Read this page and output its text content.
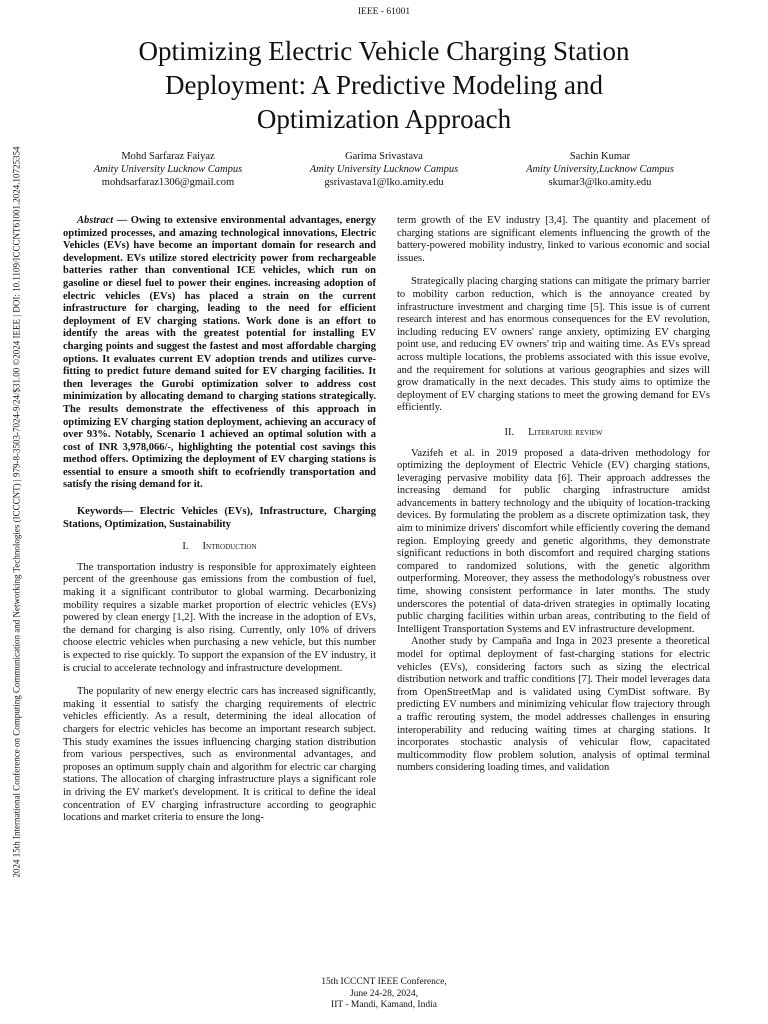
IEEE - 61001
Optimizing Electric Vehicle Charging Station
Deployment: A Predictive Modeling and
Optimization Approach
2024 15th International Conference on Computing Communication and Networking Technologies (ICCCNT) | 979-8-3503-7024-9/24/$31.00 ©2024 IEEE | DOI: 10.1109/ICCCNT61001.2024.10725354	Mohd Sarfaraz Faiyaz
Amity University Lucknow Campus
mohdsarfaraz1306@gmail.com
Garima Srivastava
Amity University Lucknow Campus
gsrivastava1@lko.amity.edu
Sachin Kumar
Amity University,Lucknow Campus
skumar3@lko.amity.edu

Abstract — Owing to extensive environmental advantages, energy optimized processes, and amazing technological innovations, Electric Vehicles (EVs) have become an important domain for research and development. EVs utilize stored electricity power from rechargeable batteries rather than conventional ICE vehicles, which run on gasoline or diesel fuel to power their engines. increasing adoption of electric vehicles (EVs) has placed a strain on the current infrastructure for charging, leading to the need for efficient deployment of EV charging stations. Work done is an effort to identify the areas with the greatest potential for installing EV charging points and suggest the fastest and most affordable charging options. It evaluates current EV adoption trends and utilizes curve-fitting to predict future demand suited for EV charging facilities. It then leverages the Gurobi optimization solver to address cost minimization by allocating demand to charging stations strategically. The results demonstrate the effectiveness of this approach in optimizing EV charging station deployment, achieving an accuracy of over 93%. Notably, Scenario 1 achieved an optimal solution with a cost of INR 3,978,066/-, highlighting the potential cost savings this method offers. Optimizing the deployment of EV charging stations is essential to ensure a smooth shift to ecofriendly transportation and satisfy the rising demand for it.

Keywords— Electric Vehicles (EVs), Infrastructure, Charging Stations, Optimization, Sustainability

I. Introduction

The transportation industry is responsible for approximately eighteen percent of the greenhouse gas emissions from the combustion of fuel, making it a significant contributor to global warming. Decarbonizing mobility requires a sizable market proportion of electric vehicles (EVs) powered by clean energy [1,2]. With the increase in the adoption of EVs, the demand for charging is also rising. Currently, only 10% of drivers choose electric vehicles when purchasing a new vehicle, but this number is expected to rise quickly. To support the expansion of the EV industry, it is crucial to accelerate technology and infrastructure development.

The popularity of new energy electric cars has increased significantly, making it essential to satisfy the charging requirements of electric vehicles efficiently. As a result, determining the ideal allocation of chargers for electric vehicles has become an important research subject. This study examines the issues influencing charging station distribution from various perspectives, such as environmental advantages, and proposes an optimum supply chain and algorithm for electric car charging stations. The allocation of charging infrastructure plays a significant role in driving the EV market's development. It is critical to define the ideal concentration of EV charging infrastructure according to geographic locations and market criteria to ensure the long-

term growth of the EV industry [3,4]. The quantity and placement of charging stations are significant elements influencing the growth of the battery-powered mobility industry, linked to various economic and social issues.

Strategically placing charging stations can mitigate the primary barrier to mobility carbon reduction, which is the annoyance created by infrastructure investment and charging time [5]. This issue is of current research interest and has enormous consequences for the EV revolution, including reducing EV owners' range anxiety, optimizing EV charging point use, and reducing EV owners' trip and waiting time. As EVs spread across multiple locations, the problems associated with this issue evolve, and the requirement for solutions at various geographies and sizes will grow dramatically in the next decades. This study aims to optimize the deployment of EV charging stations to meet the growing demand for EVs efficiently.

II. Literature review

Vazifeh et al. in 2019 proposed a data-driven methodology for optimizing the deployment of Electric Vehicle (EV) charging stations, leveraging pervasive mobility data [6]. Their approach addresses the increasing demand for public charging infrastructure amidst advancements in battery technology and the ubiquity of location-tracking devices. By formulating the problem as a discrete optimization task, they aim to minimize drivers' discomfort while efficiently covering the demand region. Employing greedy and genetic algorithms, they demonstrate significant reductions in both discomfort and required charging stations compared to randomized solutions, with the genetic algorithm outperforming. Moreover, they assess the methodology's robustness over time, showing consistent performance in later months. The study underscores the potential of data-driven strategies in optimally locating public charging facilities within urban areas, contributing to the field of Intelligent Transportation Systems and EV infrastructure development.

Another study by Campaña and Inga in 2023 presente a theoretical model for optimal deployment of fast-charging stations for electric vehicles (EVs), considering factors such as sizing the electrical distribution network and traffic conditions [7]. Their model leverages data from OpenStreetMap and is validated using CymDist software. By predicting EV numbers and minimizing vehicular flow trajectory through a traffic rerouting system, the model addresses challenges in ensuring interoperability and reducing waiting times at charging stations. It incorporates stochastic analysis of vehicular flow, capacitated multicommodity flow problem solution, analysis of optimal terminal numbers considering loading times, and validation

15th ICCCNT IEEE Conference,
June 24-28, 2024,
IIT - Mandi, Kamand, India
